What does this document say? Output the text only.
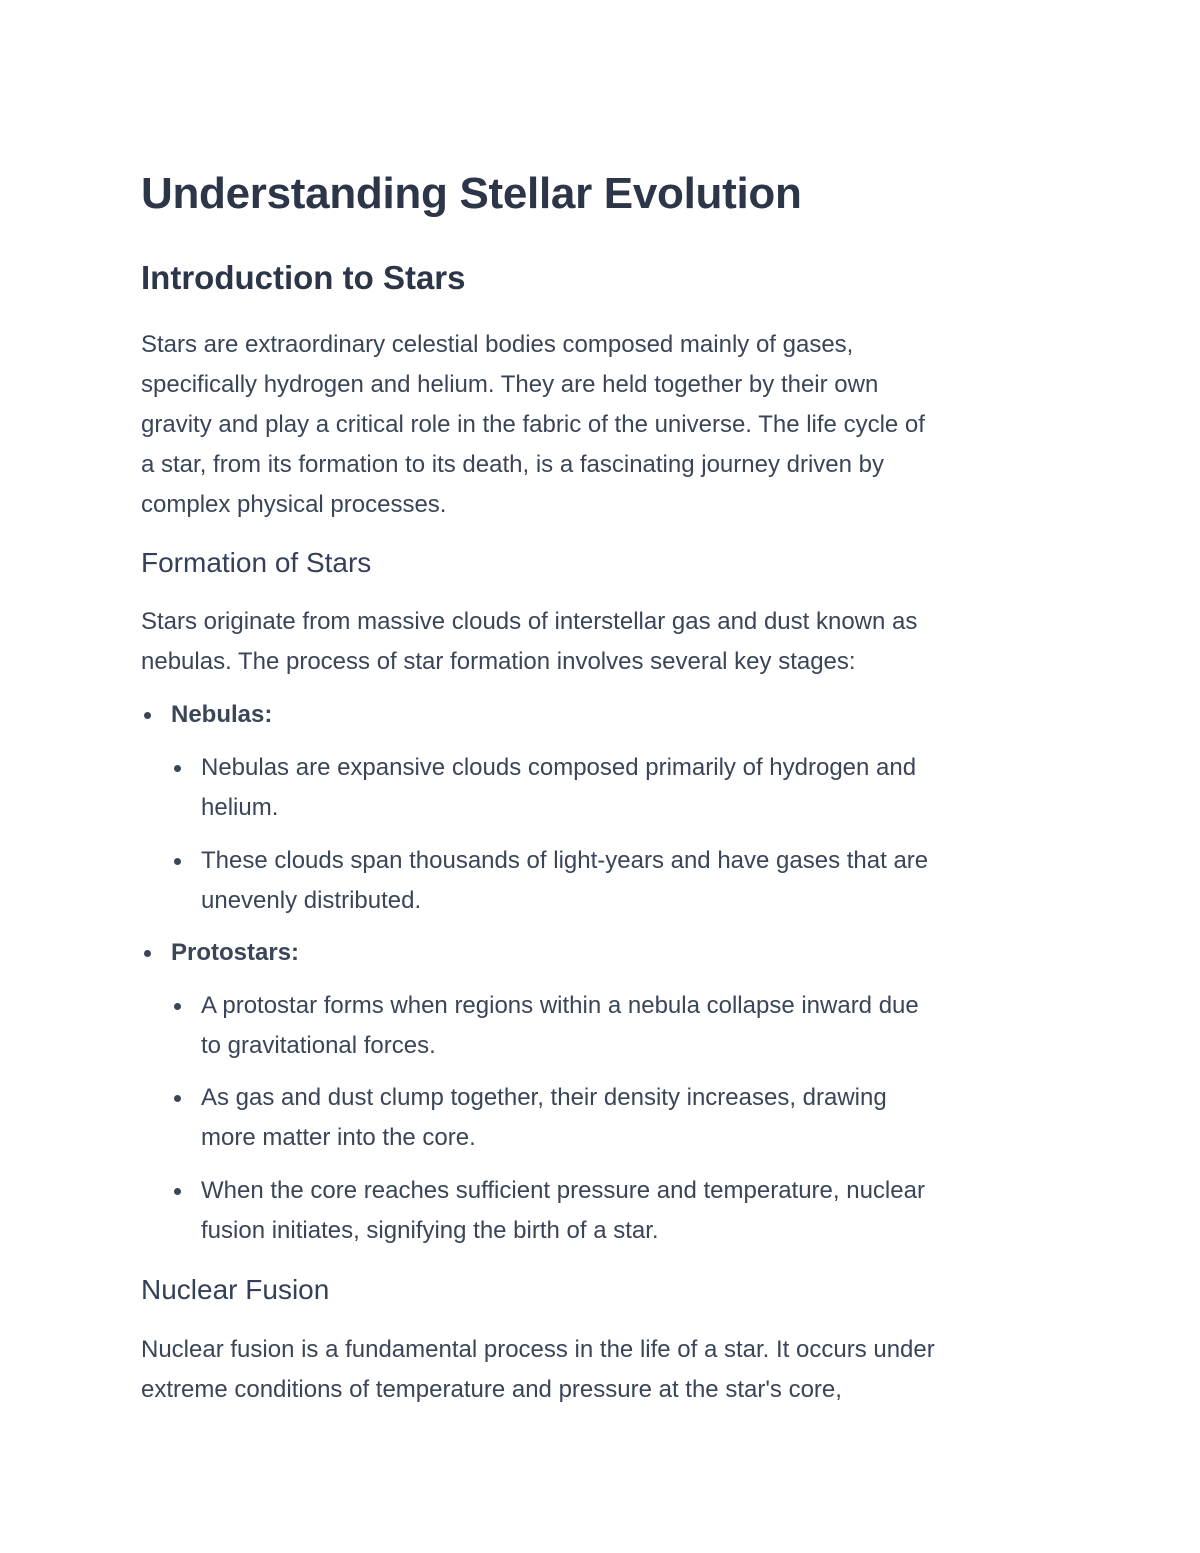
Understanding Stellar Evolution
Introduction to Stars

Stars are extraordinary celestial bodies composed mainly of gases,
specifically hydrogen and helium. They are held together by their own
gravity and play a critical role in the fabric of the universe. The life cycle of
a star, from its formation to its death, is a fascinating journey driven by
complex physical processes.

Formation of Stars

Stars originate from massive clouds of interstellar gas and dust known as
nebulas. The process of star formation involves several key stages:

Nebulas:
Nebulas are expansive clouds composed primarily of hydrogen and
helium.
These clouds span thousands of light-years and have gases that are
unevenly distributed.
Protostars:
A protostar forms when regions within a nebula collapse inward due
to gravitational forces.
As gas and dust clump together, their density increases, drawing
more matter into the core.
When the core reaches sufficient pressure and temperature, nuclear
fusion initiates, signifying the birth of a star.
Nuclear Fusion

Nuclear fusion is a fundamental process in the life of a star. It occurs under
extreme conditions of temperature and pressure at the star's core,
